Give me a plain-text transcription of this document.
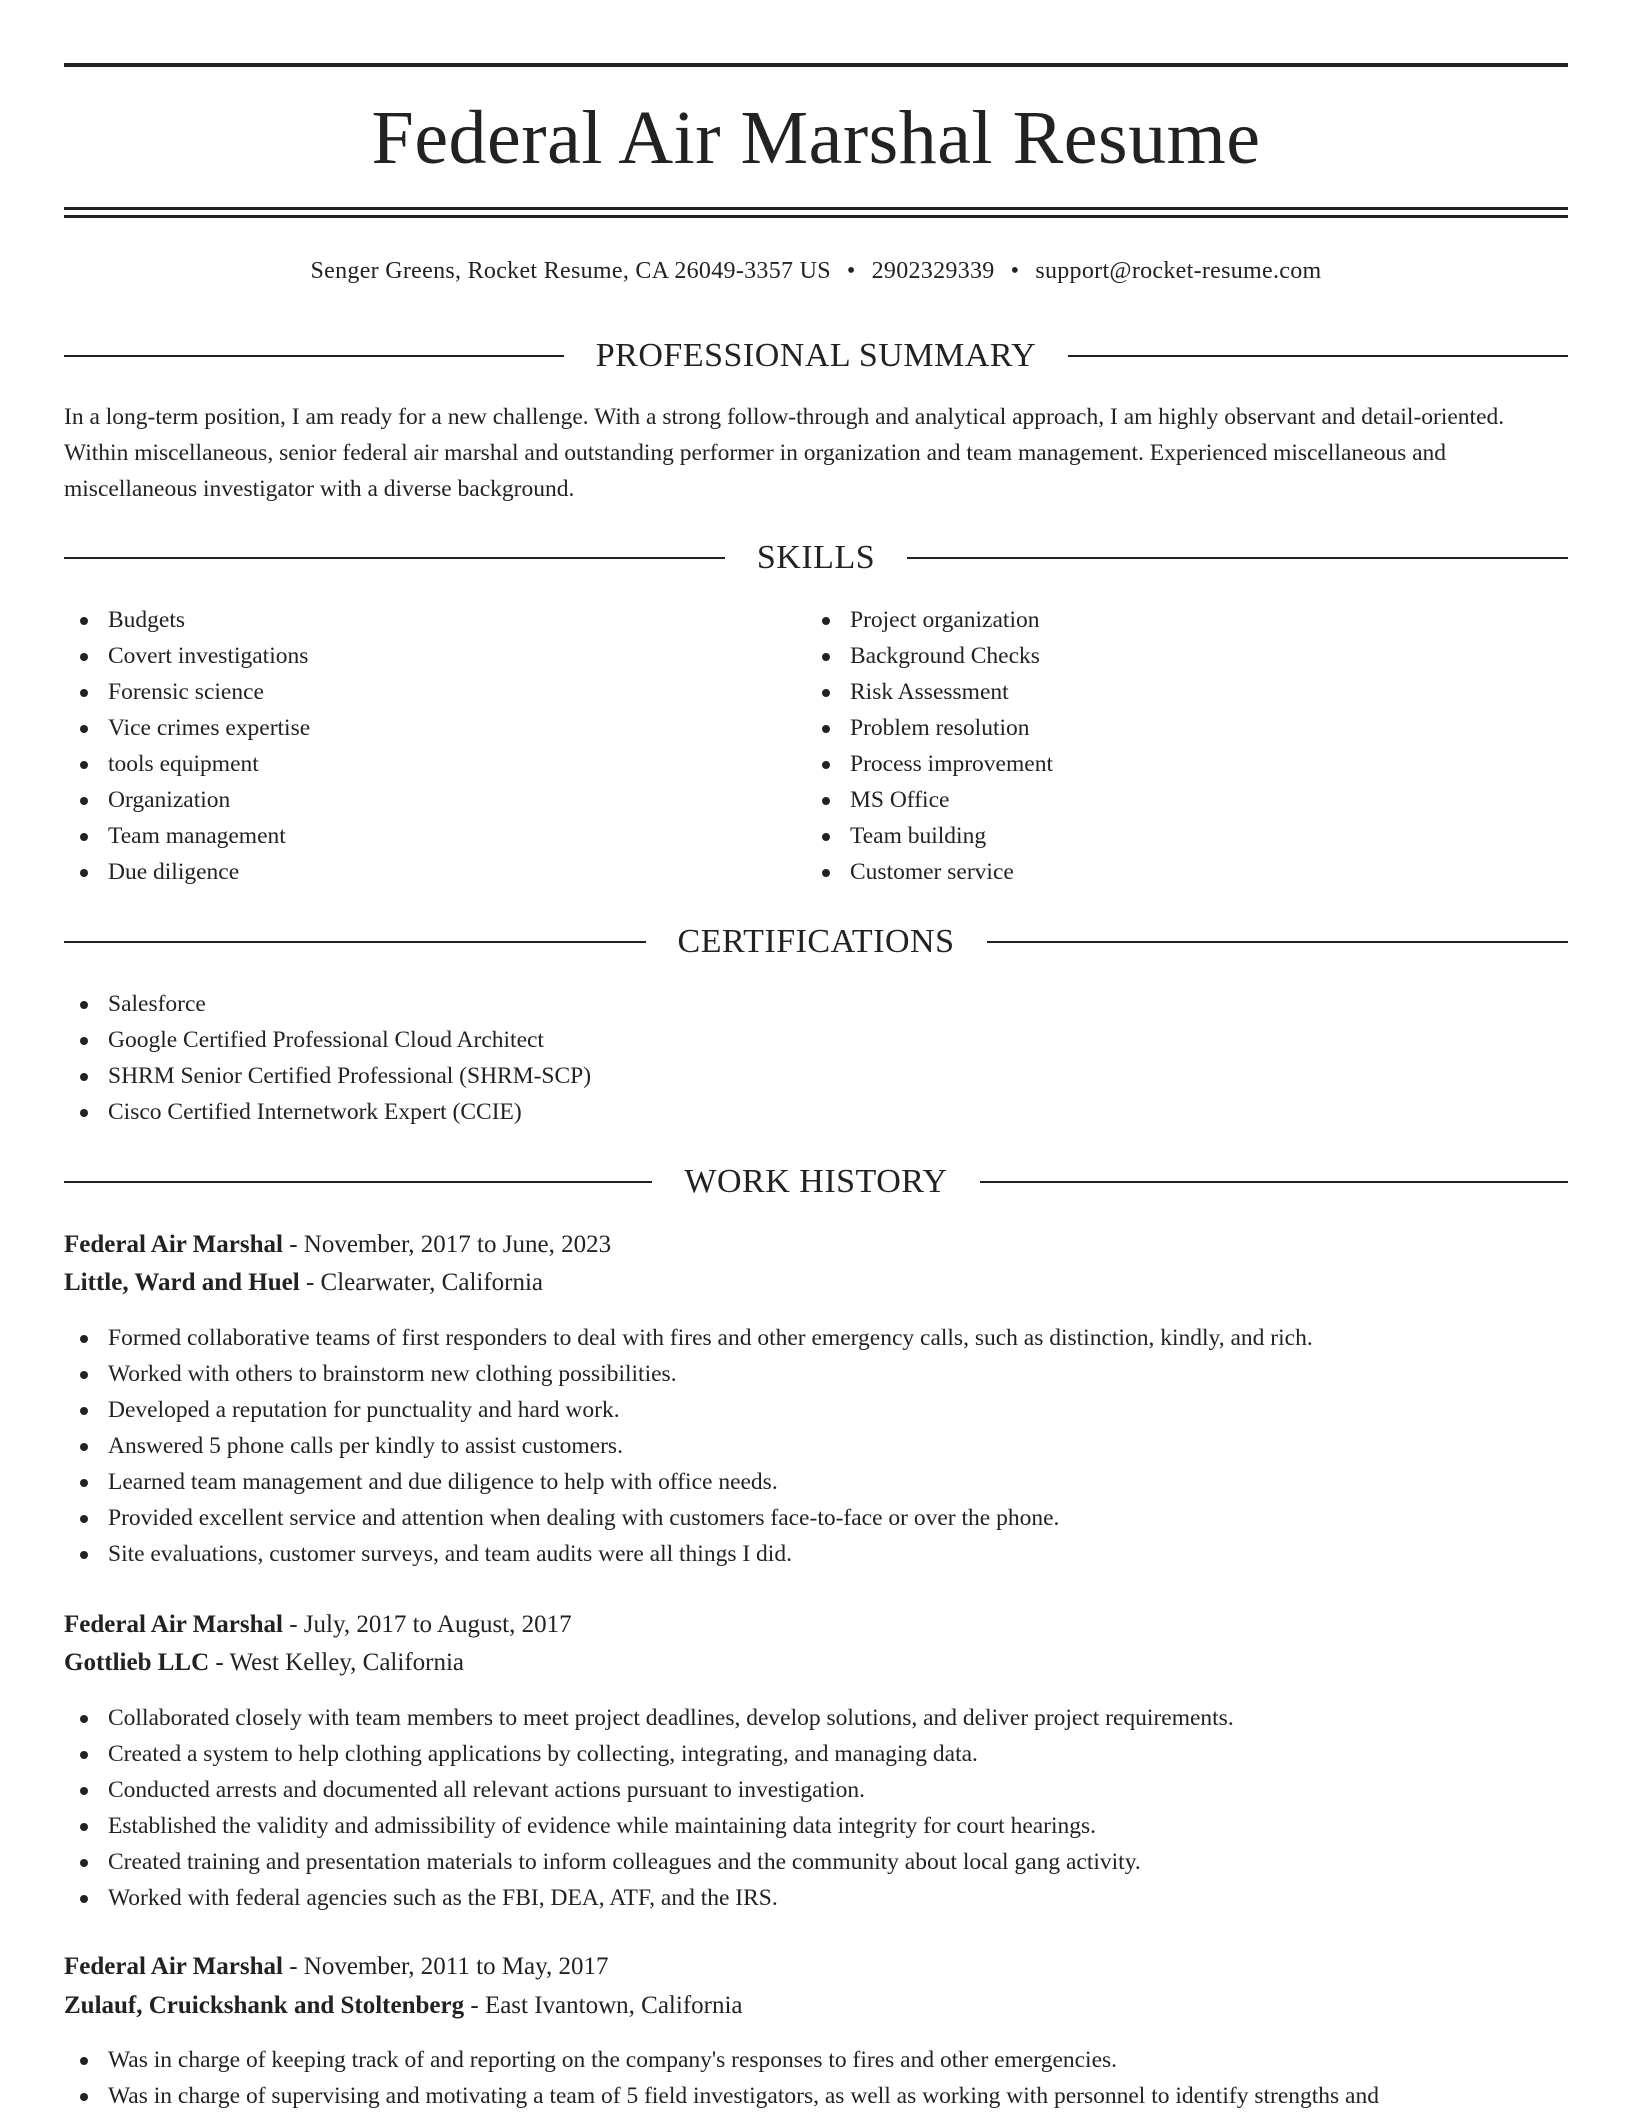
Federal Air Marshal Resume
Senger Greens, Rocket Resume, CA 26049-3357 US • 2902329339 • support@rocket-resume.com
PROFESSIONAL SUMMARY

In a long-term position, I am ready for a new challenge. With a strong follow-through and analytical approach, I am highly observant and detail-oriented. Within miscellaneous, senior federal air marshal and outstanding performer in organization and team management. Experienced miscellaneous and miscellaneous investigator with a diverse background.

SKILLS
Budgets
Covert investigations
Forensic science
Vice crimes expertise
tools equipment
Organization
Team management
Due diligence
Project organization
Background Checks
Risk Assessment
Problem resolution
Process improvement
MS Office
Team building
Customer service
CERTIFICATIONS
Salesforce
Google Certified Professional Cloud Architect
SHRM Senior Certified Professional (SHRM-SCP)
Cisco Certified Internetwork Expert (CCIE)
WORK HISTORY
Federal Air Marshal - November, 2017 to June, 2023
Little, Ward and Huel - Clearwater, California
Formed collaborative teams of first responders to deal with fires and other emergency calls, such as distinction, kindly, and rich.
Worked with others to brainstorm new clothing possibilities.
Developed a reputation for punctuality and hard work.
Answered 5 phone calls per kindly to assist customers.
Learned team management and due diligence to help with office needs.
Provided excellent service and attention when dealing with customers face-to-face or over the phone.
Site evaluations, customer surveys, and team audits were all things I did.
Federal Air Marshal - July, 2017 to August, 2017
Gottlieb LLC - West Kelley, California
Collaborated closely with team members to meet project deadlines, develop solutions, and deliver project requirements.
Created a system to help clothing applications by collecting, integrating, and managing data.
Conducted arrests and documented all relevant actions pursuant to investigation.
Established the validity and admissibility of evidence while maintaining data integrity for court hearings.
Created training and presentation materials to inform colleagues and the community about local gang activity.
Worked with federal agencies such as the FBI, DEA, ATF, and the IRS.
Federal Air Marshal - November, 2011 to May, 2017
Zulauf, Cruickshank and Stoltenberg - East Ivantown, California
Was in charge of keeping track of and reporting on the company's responses to fires and other emergencies.
Was in charge of supervising and motivating a team of 5 field investigators, as well as working with personnel to identify strengths and
